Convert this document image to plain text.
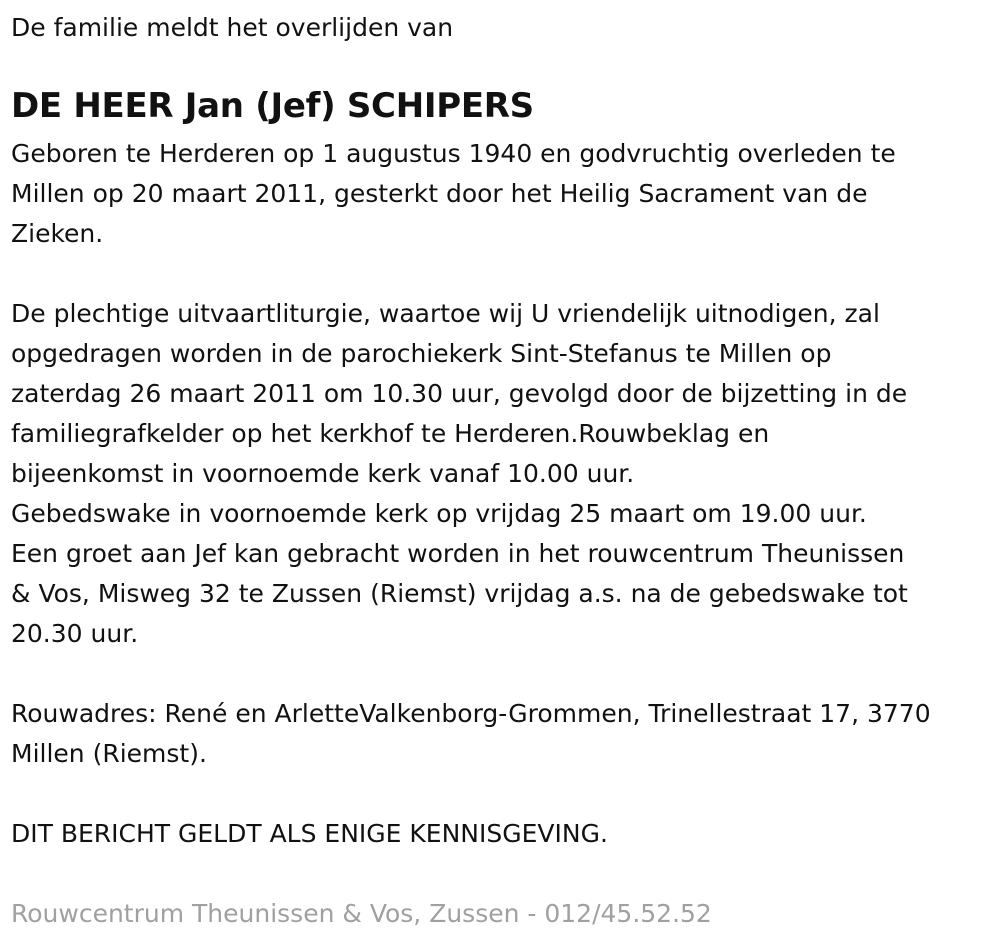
De familie meldt het overlijden van
DE HEER Jan (Jef) SCHIPERS
Geboren te Herderen op 1 augustus 1940 en godvruchtig overleden te
Millen op 20 maart 2011, gesterkt door het Heilig Sacrament van de
Zieken.
De plechtige uitvaartliturgie, waartoe wij U vriendelijk uitnodigen, zal
opgedragen worden in de parochiekerk Sint-Stefanus te Millen op
zaterdag 26 maart 2011 om 10.30 uur, gevolgd door de bijzetting in de
familiegrafkelder op het kerkhof te Herderen.Rouwbeklag en
bijeenkomst in voornoemde kerk vanaf 10.00 uur.
Gebedswake in voornoemde kerk op vrijdag 25 maart om 19.00 uur.
Een groet aan Jef kan gebracht worden in het rouwcentrum Theunissen
& Vos, Misweg 32 te Zussen (Riemst) vrijdag a.s. na de gebedswake tot
20.30 uur.
Rouwadres: René en ArletteValkenborg-Grommen, Trinellestraat 17, 3770
Millen (Riemst).
DIT BERICHT GELDT ALS ENIGE KENNISGEVING.
Rouwcentrum Theunissen & Vos, Zussen - 012/45.52.52
